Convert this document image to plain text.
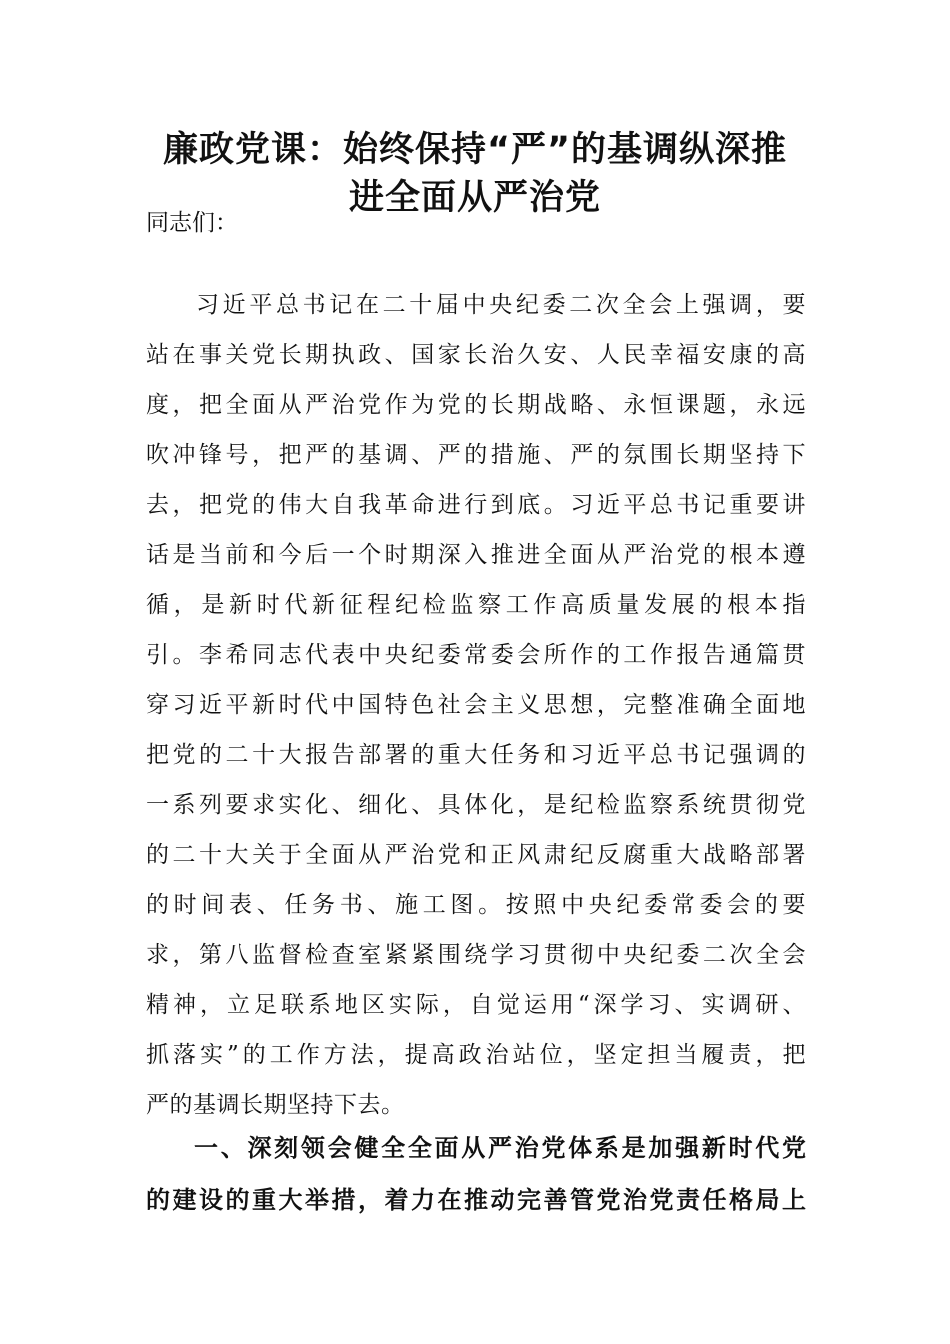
廉政党课：始终保持“严”的基调纵深推
进全面从严治党

同志们：

习近平总书记在二十届中央纪委二次全会上强调，要
站在事关党长期执政、国家长治久安、人民幸福安康的高
度，把全面从严治党作为党的长期战略、永恒课题，永远
吹冲锋号，把严的基调、严的措施、严的氛围长期坚持下
去，把党的伟大自我革命进行到底。习近平总书记重要讲
话是当前和今后一个时期深入推进全面从严治党的根本遵
循，是新时代新征程纪检监察工作高质量发展的根本指
引。李希同志代表中央纪委常委会所作的工作报告通篇贯
穿习近平新时代中国特色社会主义思想，完整准确全面地
把党的二十大报告部署的重大任务和习近平总书记强调的
一系列要求实化、细化、具体化，是纪检监察系统贯彻党
的二十大关于全面从严治党和正风肃纪反腐重大战略部署
的时间表、任务书、施工图。按照中央纪委常委会的要
求，第八监督检查室紧紧围绕学习贯彻中央纪委二次全会
精神，立足联系地区实际，自觉运用“深学习、实调研、
抓落实”的工作方法，提高政治站位，坚定担当履责，把
严的基调长期坚持下去。
一、深刻领会健全全面从严治党体系是加强新时代党
的建设的重大举措，着力在推动完善管党治党责任格局上
